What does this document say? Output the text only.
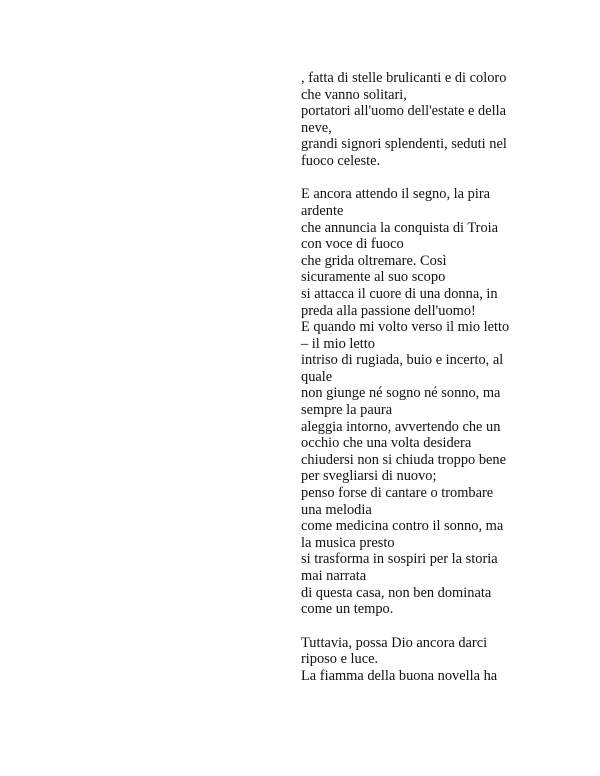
, fatta di stelle brulicanti e di coloro
che vanno solitari,
portatori all'uomo dell'estate e della
neve,
grandi signori splendenti, seduti nel
fuoco celeste.
E ancora attendo il segno, la pira
ardente
che annuncia la conquista di Troia
con voce di fuoco
che grida oltremare. Così
sicuramente al suo scopo
si attacca il cuore di una donna, in
preda alla passione dell'uomo!
E quando mi volto verso il mio letto
– il mio letto
intriso di rugiada, buio e incerto, al
quale
non giunge né sogno né sonno, ma
sempre la paura
aleggia intorno, avvertendo che un
occhio che una volta desidera
chiudersi non si chiuda troppo bene
per svegliarsi di nuovo;
penso forse di cantare o trombare
una melodia
come medicina contro il sonno, ma
la musica presto
si trasforma in sospiri per la storia
mai narrata
di questa casa, non ben dominata
come un tempo.
Tuttavia, possa Dio ancora darci
riposo e luce.
La fiamma della buona novella ha
